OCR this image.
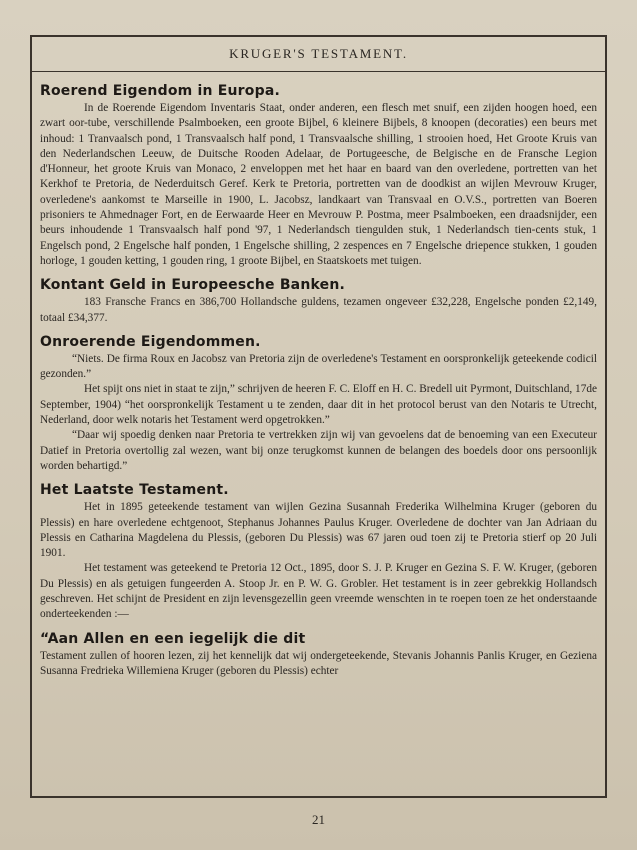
KRUGER'S TESTAMENT.
Roerend Eigendom in Europa.

In de Roerende Eigendom Inventaris Staat, onder anderen, een flesch met snuif, een zijden hoogen hoed, een zwart oor-tube, verschillende Psalmboeken, een groote Bijbel, 6 kleinere Bijbels, 8 knoopen (decoraties) een beurs met inhoud: 1 Tranvaalsch pond, 1 Transvaalsch half pond, 1 Transvaalsche shilling, 1 strooien hoed, Het Groote Kruis van den Nederlandschen Leeuw, de Duitsche Rooden Adelaar, de Portugeesche, de Belgische en de Fransche Legion d'Honneur, het groote Kruis van Monaco, 2 enveloppen met het haar en baard van den overledene, portretten van het Kerkhof te Pretoria, de Nederduitsch Geref. Kerk te Pretoria, portretten van de doodkist an wijlen Mevrouw Kruger, overledene's aankomst te Marseille in 1900, L. Jacobsz, landkaart van Transvaal en O.V.S., portretten van Boeren prisoniers te Ahmednager Fort, en de Eerwaarde Heer en Mevrouw P. Postma, meer Psalmboeken, een draadsnijder, een beurs inhoudende 1 Transvaalsch half pond '97, 1 Nederlandsch tiengulden stuk, 1 Nederlandsch tien-cents stuk, 1 Engelsch pond, 2 Engelsche half ponden, 1 Engelsche shilling, 2 zespences en 7 Engelsche driepence stukken, 1 gouden horloge, 1 gouden ketting, 1 gouden ring, 1 groote Bijbel, en Staatskoets met tuigen.

Kontant Geld in Europeesche Banken.

183 Fransche Francs en 386,700 Hollandsche guldens, tezamen ongeveer £32,228, Engelsche ponden £2,149, totaal £34,377.

Onroerende Eigendommen.

“Niets. De firma Roux en Jacobsz van Pretoria zijn de overledene's Testament en oorspronkelijk geteekende codicil gezonden.”

Het spijt ons niet in staat te zijn,” schrijven de heeren F. C. Eloff en H. C. Bredell uit Pyrmont, Duitschland, 17de September, 1904) “het oorspronkelijk Testament u te zenden, daar dit in het protocol berust van den Notaris te Utrecht, Nederland, door welk notaris het Testament werd opgetrokken.”

“Daar wij spoedig denken naar Pretoria te vertrekken zijn wij van gevoelens dat de benoeming van een Executeur Datief in Pretoria overtollig zal wezen, want bij onze terugkomst kunnen de belangen des boedels door ons persoonlijk worden behartigd.”

Het Laatste Testament.

Het in 1895 geteekende testament van wijlen Gezina Susannah Frederika Wilhelmina Kruger (geboren du Plessis) en hare overledene echtgenoot, Stephanus Johannes Paulus Kruger. Overledene de dochter van Jan Adriaan du Plessis en Catharina Magdelena du Plessis, (geboren Du Plessis) was 67 jaren oud toen zij te Pretoria stierf op 20 Juli 1901.

Het testament was geteekend te Pretoria 12 Oct., 1895, door S. J. P. Kruger en Gezina S. F. W. Kruger, (geboren Du Plessis) en als getuigen fungeerden A. Stoop Jr. en P. W. G. Grobler. Het testament is in zeer gebrekkig Hollandsch geschreven. Het schijnt de President en zijn levensgezellin geen vreemde wenschten in te roepen toen ze het onderstaande onderteekenden :—

“Aan Allen en een iegelijk die dit

Testament zullen of hooren lezen, zij het kennelijk dat wij ondergeteekende, Stevanis Johannis Panlis Kruger, en Geziena Susanna Fredrieka Willemiena Kruger (geboren du Plessis) echter

21
